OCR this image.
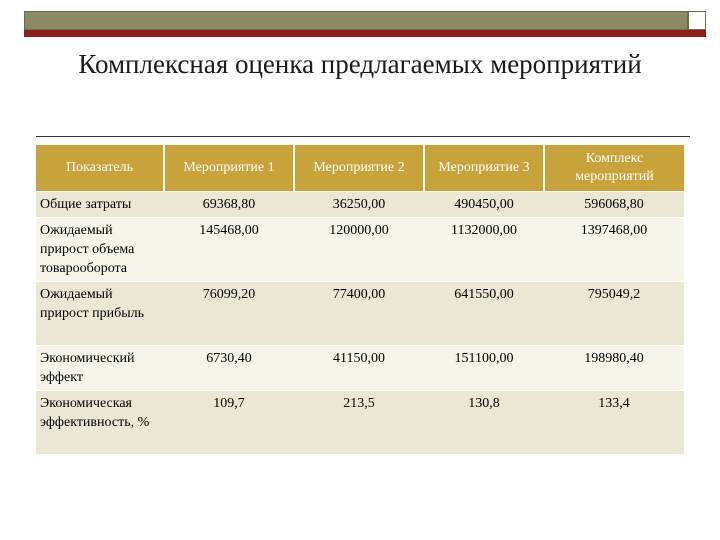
Комплексная оценка предлагаемых мероприятий
Показатель	Мероприятие 1	Мероприятие 2	Мероприятие 3	Комплекс мероприятий
Общие затраты	69368,80	36250,00	490450,00	596068,80
Ожидаемый прирост объема товарооборота	145468,00	120000,00	1132000,00	1397468,00
Ожидаемый прирост прибыль	76099,20	77400,00	641550,00	795049,2
Экономический эффект	6730,40	41150,00	151100,00	198980,40
Экономическая эффективность, %	109,7	213,5	130,8	133,4
